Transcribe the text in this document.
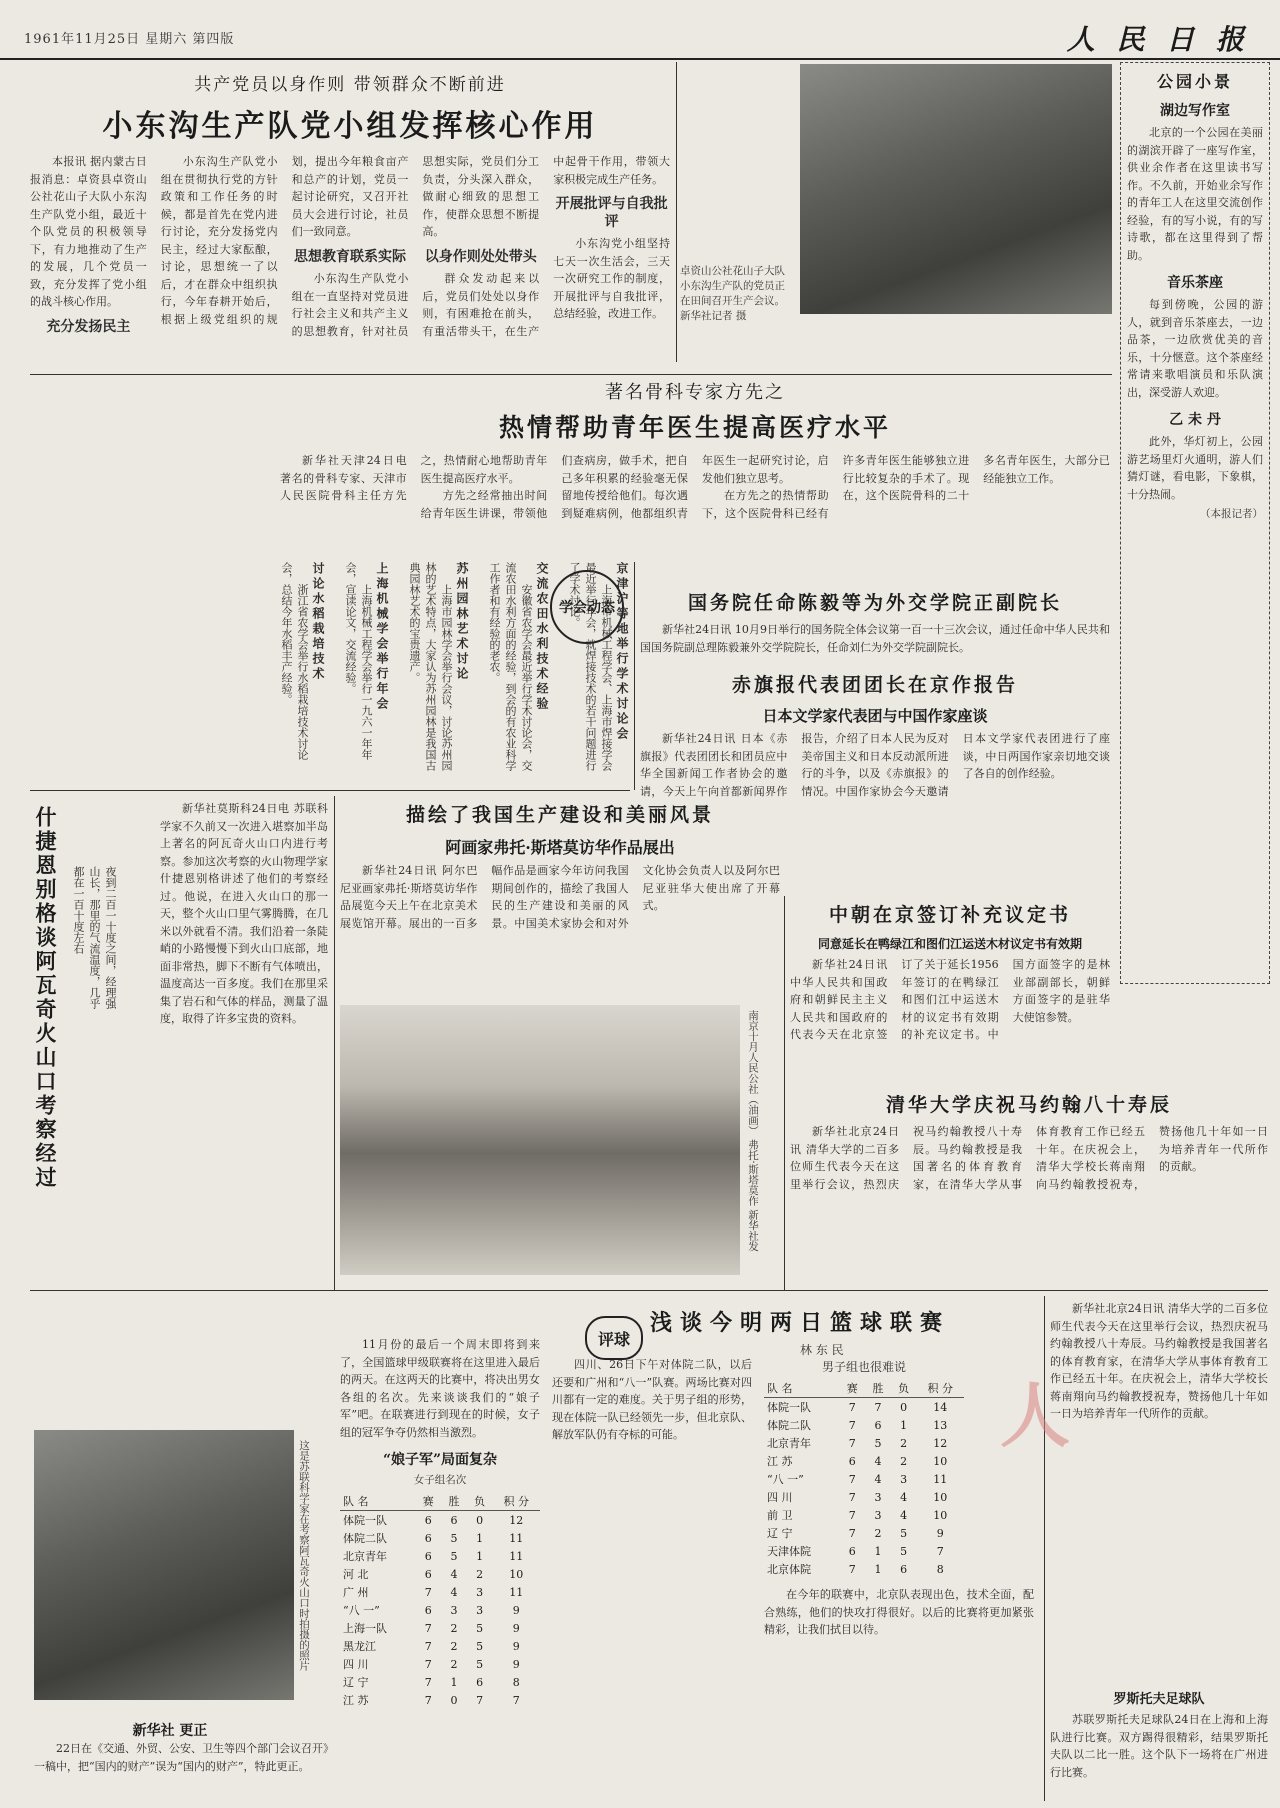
1961年11月25日 星期六 第四版	人 民 日 报
共产党员以身作则 带领群众不断前进
小东沟生产队党小组发挥核心作用

本报讯 据内蒙古日报消息：卓资县卓资山公社花山子大队小东沟生产队党小组，最近十个队党员的积极领导下，有力地推动了生产的发展，几个党员一致，充分发挥了党小组的战斗核心作用。

充分发扬民主

小东沟生产队党小组在贯彻执行党的方针政策和工作任务的时候，都是首先在党内进行讨论，充分发扬党内民主，经过大家酝酿，讨论，思想统一了以后，才在群众中组织执行，今年春耕开始后，根据上级党组织的规划，提出今年粮食亩产和总产的计划，党员一起讨论研究，又召开社员大会进行讨论，社员们一致同意。

思想教育联系实际

小东沟生产队党小组在一直坚持对党员进行社会主义和共产主义的思想教育，针对社员思想实际，党员们分工负责，分头深入群众，做耐心细致的思想工作，使群众思想不断提高。

以身作则处处带头

群众发动起来以后，党员们处处以身作则，有困难抢在前头，有重活带头干，在生产中起骨干作用，带领大家积极完成生产任务。

开展批评与自我批评

小东沟党小组坚持七天一次生活会，三天一次研究工作的制度，开展批评与自我批评，总结经验，改进工作。

卓资山公社花山子大队小东沟生产队的党员正在田间召开生产会议。 新华社记者 摄
公园小景
湖边写作室

北京的一个公园在美丽的湖滨开辟了一座写作室，供业余作者在这里读书写作。不久前，开始业余写作的青年工人在这里交流创作经验，有的写小说，有的写诗歌，都在这里得到了帮助。

音乐茶座

每到傍晚，公园的游人，就到音乐茶座去，一边品茶，一边欣赏优美的音乐，十分惬意。这个茶座经常请来歌唱演员和乐队演出，深受游人欢迎。

乙 未 丹

此外，华灯初上，公园游艺场里灯火通明，游人们猜灯谜，看电影，下象棋，十分热闹。

（本报记者）
著名骨科专家方先之
热情帮助青年医生提高医疗水平

新华社天津24日电 著名的骨科专家、天津市人民医院骨科主任方先之，热情耐心地帮助青年医生提高医疗水平。

方先之经常抽出时间给青年医生讲课，带领他们查病房，做手术，把自己多年积累的经验毫无保留地传授给他们。每次遇到疑难病例，他都组织青年医生一起研究讨论，启发他们独立思考。

在方先之的热情帮助下，这个医院骨科已经有许多青年医生能够独立进行比较复杂的手术了。现在，这个医院骨科的二十多名青年医生，大部分已经能独立工作。

学会动态 京津沪等地举行学术讨论会

上海市机械工程学会、上海市焊接学会最近举行年会，就焊接技术的若干问题进行了学术讨论。

交流农田水利技术经验

安徽省农学会最近举行学术讨论会，交流农田水利方面的经验，到会的有农业科学工作者和有经验的老农。

苏州园林艺术讨论

上海市园林学会举行会议，讨论苏州园林的艺术特点，大家认为苏州园林是我国古典园林艺术的宝贵遗产。

上海机械学会举行年会

上海机械工程学会举行一九六一年年会，宣读论文，交流经验。

讨论水稻栽培技术

浙江省农学会举行水稻栽培技术讨论会，总结今年水稻丰产经验。	国务院任命陈毅等为外交学院正副院长

新华社24日讯 10月9日举行的国务院全体会议第一百一十三次会议，通过任命中华人民共和国国务院副总理陈毅兼外交学院院长，任命刘仁为外交学院副院长。

赤旗报代表团团长在京作报告
日本文学家代表团与中国作家座谈

新华社24日讯 日本《赤旗报》代表团团长和团员应中华全国新闻工作者协会的邀请，今天上午向首都新闻界作报告，介绍了日本人民为反对美帝国主义和日本反动派所进行的斗争，以及《赤旗报》的情况。中国作家协会今天邀请日本文学家代表团进行了座谈，中日两国作家亲切地交谈了各自的创作经验。

中朝在京签订补充议定书
同意延长在鸭绿江和图们江运送木材议定书有效期

新华社24日讯 中华人民共和国政府和朝鲜民主主义人民共和国政府的代表今天在北京签订了关于延长1956年签订的在鸭绿江和图们江中运送木材的议定书有效期的补充议定书。中国方面签字的是林业部副部长，朝鲜方面签字的是驻华大使馆参赞。

清华大学庆祝马约翰八十寿辰

新华社北京24日讯 清华大学的二百多位师生代表今天在这里举行会议，热烈庆祝马约翰教授八十寿辰。马约翰教授是我国著名的体育教育家，在清华大学从事体育教育工作已经五十年。在庆祝会上，清华大学校长蒋南翔向马约翰教授祝寿，赞扬他几十年如一日为培养青年一代所作的贡献。

什捷恩别格谈阿瓦奇火山口考察经过	夜到二百一十度之间，经理强山长，那里的气流温度，几乎都在一百十度左右

新华社莫斯科24日电 苏联科学家不久前又一次进入堪察加半岛上著名的阿瓦奇火山口内进行考察。参加这次考察的火山物理学家什捷恩别格讲述了他们的考察经过。他说，在进入火山口的那一天，整个火山口里气雾腾腾，在几米以外就看不清。我们沿着一条陡峭的小路慢慢下到火山口底部，地面非常热，脚下不断有气体喷出，温度高达一百多度。我们在那里采集了岩石和气体的样品，测量了温度，取得了许多宝贵的资料。

描绘了我国生产建设和美丽风景
阿画家弗托·斯塔莫访华作品展出

新华社24日讯 阿尔巴尼亚画家弗托·斯塔莫访华作品展览今天上午在北京美术展览馆开幕。展出的一百多幅作品是画家今年访问我国期间创作的，描绘了我国人民的生产建设和美丽的风景。中国美术家协会和对外文化协会负责人以及阿尔巴尼亚驻华大使出席了开幕式。

南京十月人民公社（油画） 弗托·斯塔莫作 新华社发
这是苏联科学家在考察阿瓦奇火山口时拍摄的照片
新华社 更正

22日在《交通、外贸、公安、卫生等四个部门会议召开》一稿中，把“国内的财产”误为“国内的财产”，特此更正。

评球
浅谈今明两日篮球联赛
林 东 民

11月份的最后一个周末即将到来了，全国篮球甲级联赛将在这里进入最后的两天。在这两天的比赛中，将决出男女各组的名次。先来谈谈我们的“娘子军”吧。在联赛进行到现在的时候，女子组的冠军争夺仍然相当激烈。

“娘子军”局面复杂
女子组名次
队 名	赛	胜	负	积 分
体院一队	6	6	0	12
体院二队	6	5	1	11
北京青年	6	5	1	11
河 北	6	4	2	10
广 州	7	4	3	11
“八 一”	6	3	3	9
上海一队	7	2	5	9
黑龙江	7	2	5	9
四 川	7	2	5	9
辽 宁	7	1	6	8
江 苏	7	0	7	7

四川、26日下午对体院二队，以后还要和广州和“八一”队赛。两场比赛对四川都有一定的难度。关于男子组的形势，现在体院一队已经领先一步，但北京队、解放军队仍有夺标的可能。

男子组也很难说
队 名	赛	胜	负	积 分
体院一队	7	7	0	14
体院二队	7	6	1	13
北京青年	7	5	2	12
江 苏	6	4	2	10
“八 一”	7	4	3	11
四 川	7	3	4	10
前 卫	7	3	4	10
辽 宁	7	2	5	9
天津体院	6	1	5	7
北京体院	7	1	6	8

在今年的联赛中，北京队表现出色，技术全面，配合熟练，他们的快攻打得很好。以后的比赛将更加紧张精彩，让我们拭目以待。

新华社北京24日讯 清华大学的二百多位师生代表今天在这里举行会议，热烈庆祝马约翰教授八十寿辰。马约翰教授是我国著名的体育教育家，在清华大学从事体育教育工作已经五十年。在庆祝会上，清华大学校长蒋南翔向马约翰教授祝寿，赞扬他几十年如一日为培养青年一代所作的贡献。

罗斯托夫足球队

苏联罗斯托夫足球队24日在上海和上海队进行比赛。双方踢得很精彩，结果罗斯托夫队以二比一胜。这个队下一场将在广州进行比赛。

人
